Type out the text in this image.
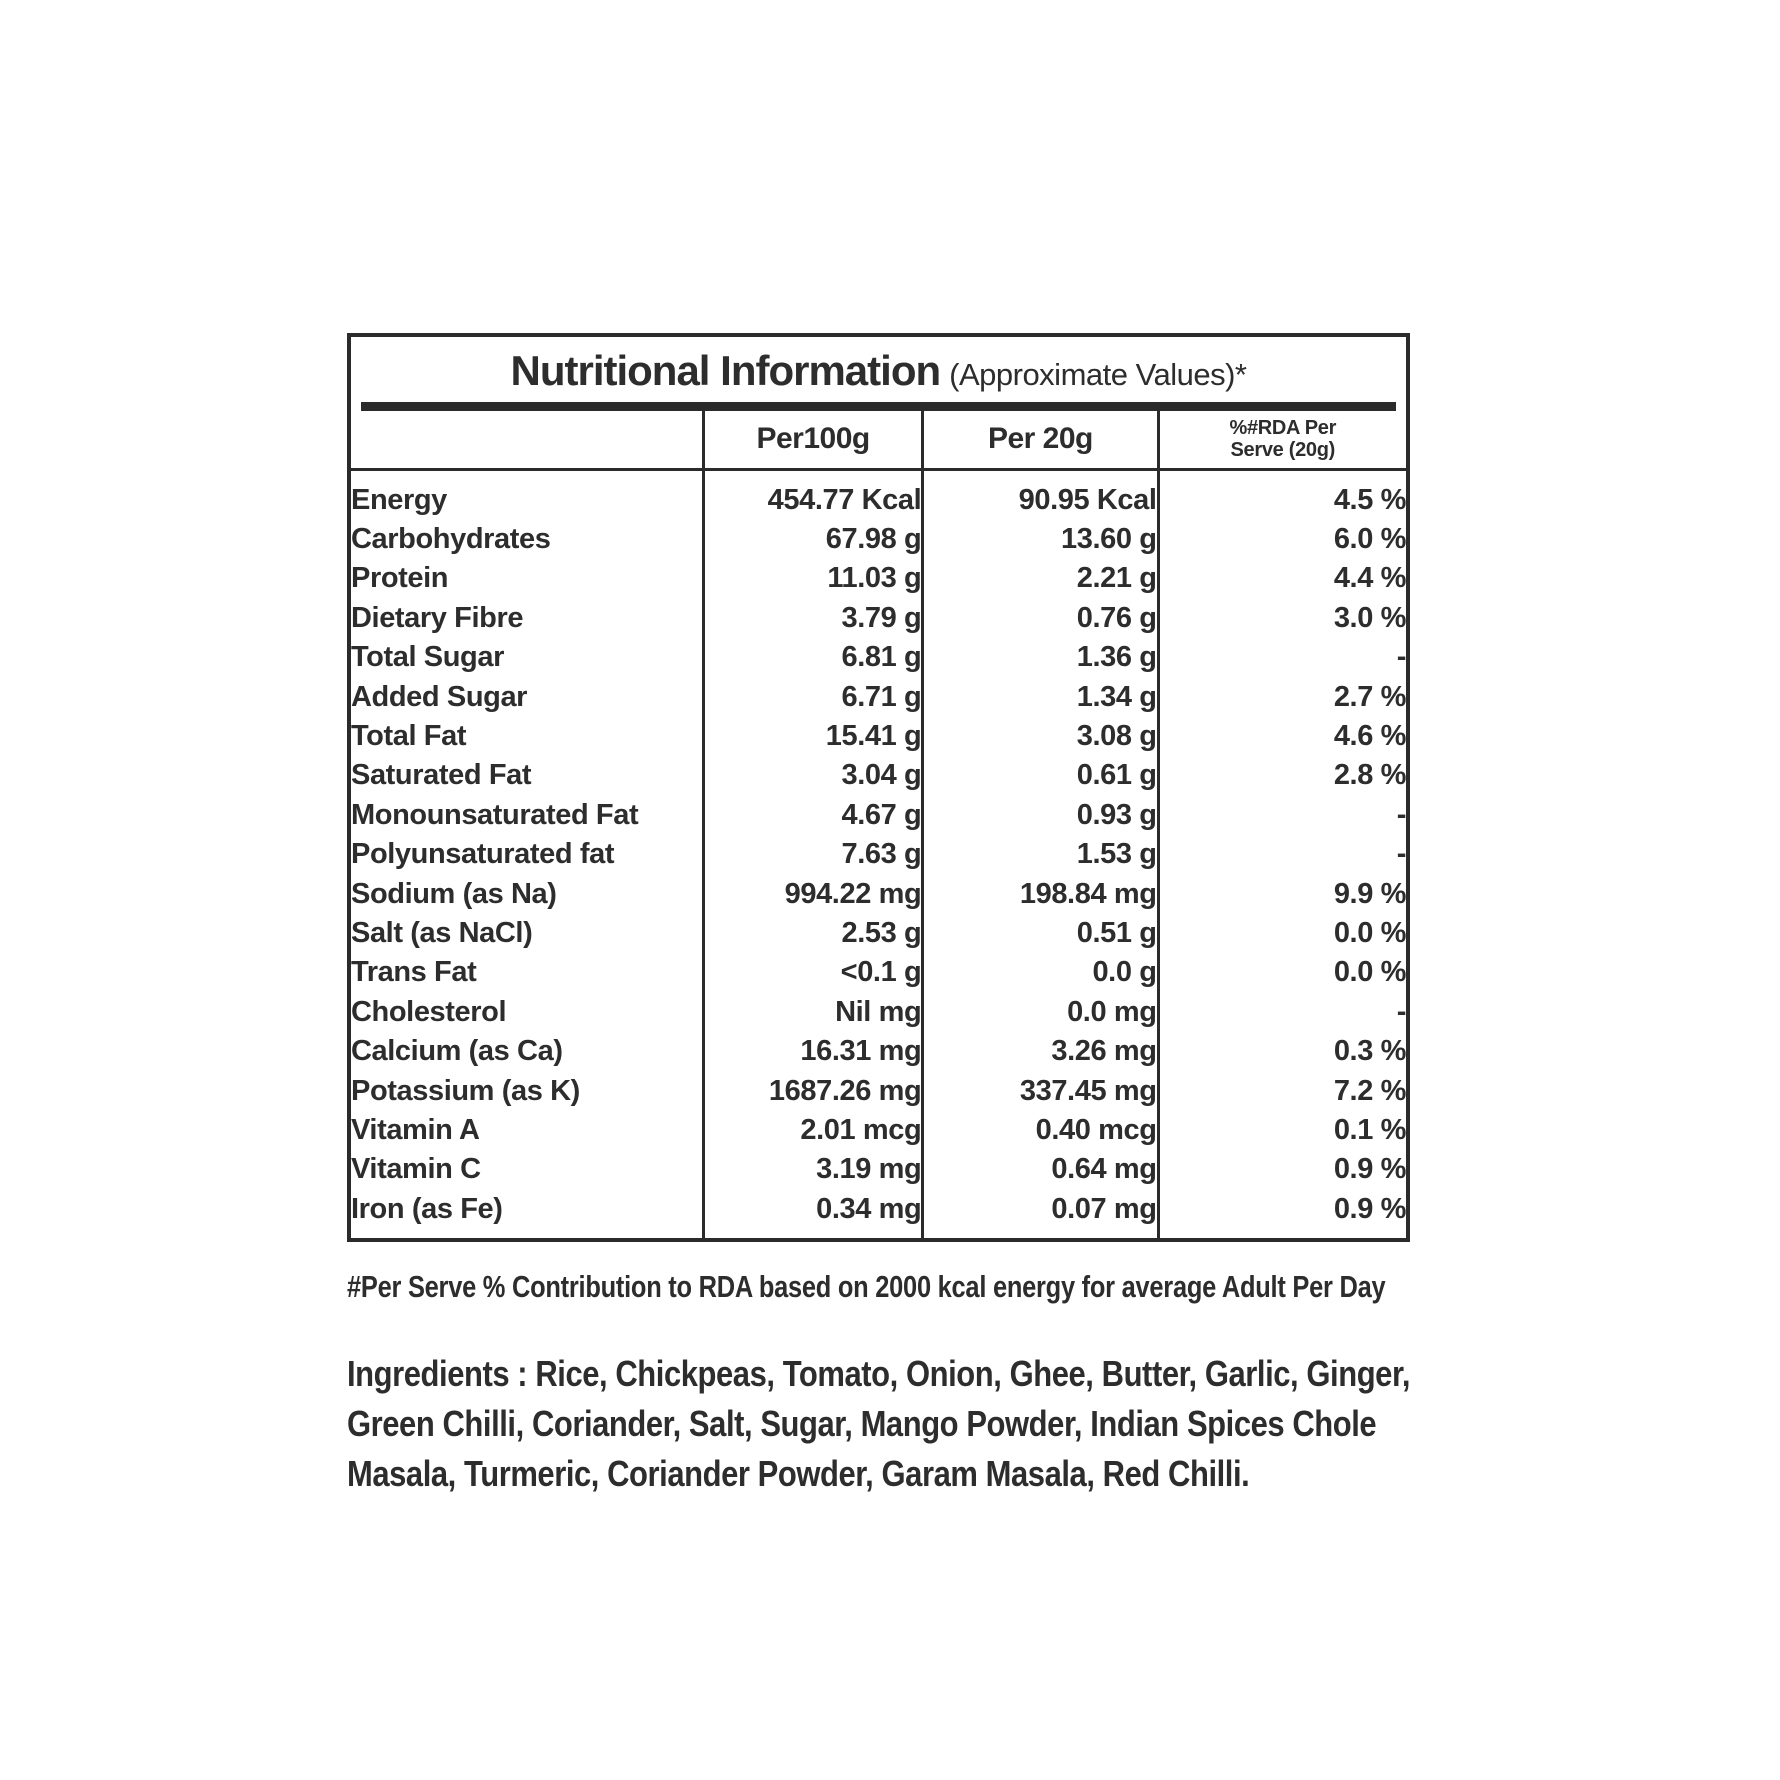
Nutritional Information (Approximate Values)*
	Per100g	Per 20g	%#RDA Per
Serve (20g)

Energy	454.77 Kcal	90.95 Kcal	4.5 %
Carbohydrates	67.98 g	13.60 g	6.0 %
Protein	11.03 g	2.21 g	4.4 %
Dietary Fibre	3.79 g	0.76 g	3.0 %
Total Sugar	6.81 g	1.36 g	-
Added Sugar	6.71 g	1.34 g	2.7 %
Total Fat	15.41 g	3.08 g	4.6 %
Saturated Fat	3.04 g	0.61 g	2.8 %
Monounsaturated Fat	4.67 g	0.93 g	-
Polyunsaturated fat	7.63 g	1.53 g	-
Sodium (as Na)	994.22 mg	198.84 mg	9.9 %
Salt (as NaCl)	2.53 g	0.51 g	0.0 %
Trans Fat	<0.1 g	0.0 g	0.0 %
Cholesterol	Nil mg	0.0 mg	-
Calcium (as Ca)	16.31 mg	3.26 mg	0.3 %
Potassium (as K)	1687.26 mg	337.45 mg	7.2 %
Vitamin A	2.01 mcg	0.40 mcg	0.1 %
Vitamin C	3.19 mg	0.64 mg	0.9 %
Iron (as Fe)	0.34 mg	0.07 mg	0.9 %
#Per Serve % Contribution to RDA based on 2000 kcal energy for average Adult Per Day
Ingredients : Rice, Chickpeas, Tomato, Onion, Ghee, Butter, Garlic, Ginger,
Green Chilli, Coriander, Salt, Sugar, Mango Powder, Indian Spices Chole
Masala, Turmeric, Coriander Powder, Garam Masala, Red Chilli.
